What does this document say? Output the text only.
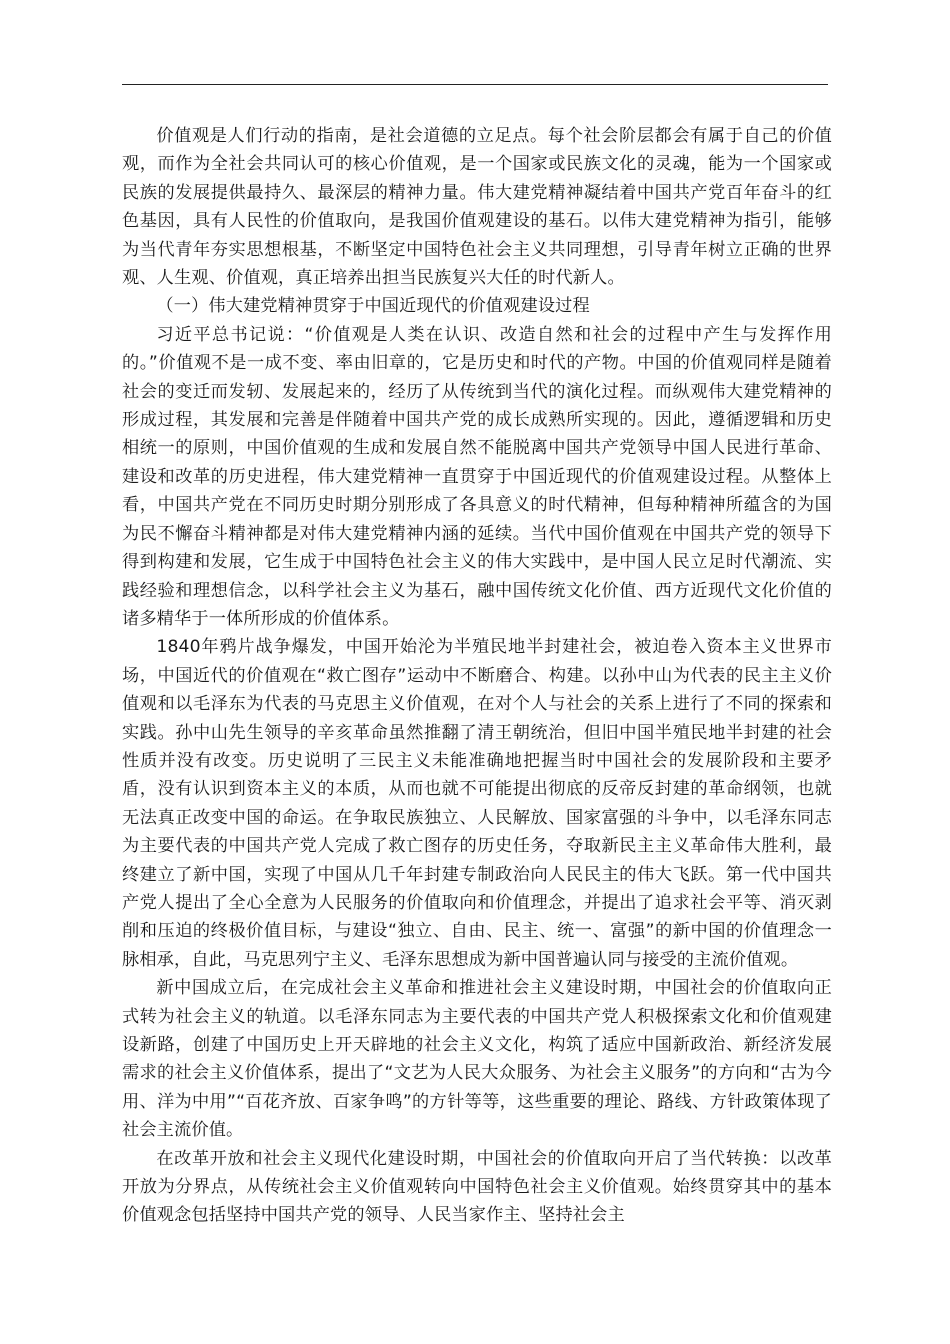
价值观是人们行动的指南，是社会道德的立足点。每个社会阶层都会有属于自己的价值观，而作为全社会共同认可的核心价值观，是一个国家或民族文化的灵魂，能为一个国家或民族的发展提供最持久、最深层的精神力量。伟大建党精神凝结着中国共产党百年奋斗的红色基因，具有人民性的价值取向，是我国价值观建设的基石。以伟大建党精神为指引，能够为当代青年夯实思想根基，不断坚定中国特色社会主义共同理想，引导青年树立正确的世界观、人生观、价值观，真正培养出担当民族复兴大任的时代新人。

（一）伟大建党精神贯穿于中国近现代的价值观建设过程

习近平总书记说：“价值观是人类在认识、改造自然和社会的过程中产生与发挥作用的。”价值观不是一成不变、率由旧章的，它是历史和时代的产物。中国的价值观同样是随着社会的变迁而发轫、发展起来的，经历了从传统到当代的演化过程。而纵观伟大建党精神的形成过程，其发展和完善是伴随着中国共产党的成长成熟所实现的。因此，遵循逻辑和历史相统一的原则，中国价值观的生成和发展自然不能脱离中国共产党领导中国人民进行革命、建设和改革的历史进程，伟大建党精神一直贯穿于中国近现代的价值观建设过程。从整体上看，中国共产党在不同历史时期分别形成了各具意义的时代精神，但每种精神所蕴含的为国为民不懈奋斗精神都是对伟大建党精神内涵的延续。当代中国价值观在中国共产党的领导下得到构建和发展，它生成于中国特色社会主义的伟大实践中，是中国人民立足时代潮流、实践经验和理想信念，以科学社会主义为基石，融中国传统文化价值、西方近现代文化价值的诸多精华于一体所形成的价值体系。

1840年鸦片战争爆发，中国开始沦为半殖民地半封建社会，被迫卷入资本主义世界市场，中国近代的价值观在“救亡图存”运动中不断磨合、构建。以孙中山为代表的民主主义价值观和以毛泽东为代表的马克思主义价值观，在对个人与社会的关系上进行了不同的探索和实践。孙中山先生领导的辛亥革命虽然推翻了清王朝统治，但旧中国半殖民地半封建的社会性质并没有改变。历史说明了三民主义未能准确地把握当时中国社会的发展阶段和主要矛盾，没有认识到资本主义的本质，从而也就不可能提出彻底的反帝反封建的革命纲领，也就无法真正改变中国的命运。在争取民族独立、人民解放、国家富强的斗争中，以毛泽东同志为主要代表的中国共产党人完成了救亡图存的历史任务，夺取新民主主义革命伟大胜利，最终建立了新中国，实现了中国从几千年封建专制政治向人民民主的伟大飞跃。第一代中国共产党人提出了全心全意为人民服务的价值取向和价值理念，并提出了追求社会平等、消灭剥削和压迫的终极价值目标，与建设“独立、自由、民主、统一、富强”的新中国的价值理念一脉相承，自此，马克思列宁主义、毛泽东思想成为新中国普遍认同与接受的主流价值观。

新中国成立后，在完成社会主义革命和推进社会主义建设时期，中国社会的价值取向正式转为社会主义的轨道。以毛泽东同志为主要代表的中国共产党人积极探索文化和价值观建设新路，创建了中国历史上开天辟地的社会主义文化，构筑了适应中国新政治、新经济发展需求的社会主义价值体系，提出了“文艺为人民大众服务、为社会主义服务”的方向和“古为今用、洋为中用”“百花齐放、百家争鸣”的方针等等，这些重要的理论、路线、方针政策体现了社会主流价值。

在改革开放和社会主义现代化建设时期，中国社会的价值取向开启了当代转换：以改革开放为分界点，从传统社会主义价值观转向中国特色社会主义价值观。始终贯穿其中的基本价值观念包括坚持中国共产党的领导、人民当家作主、坚持社会主
